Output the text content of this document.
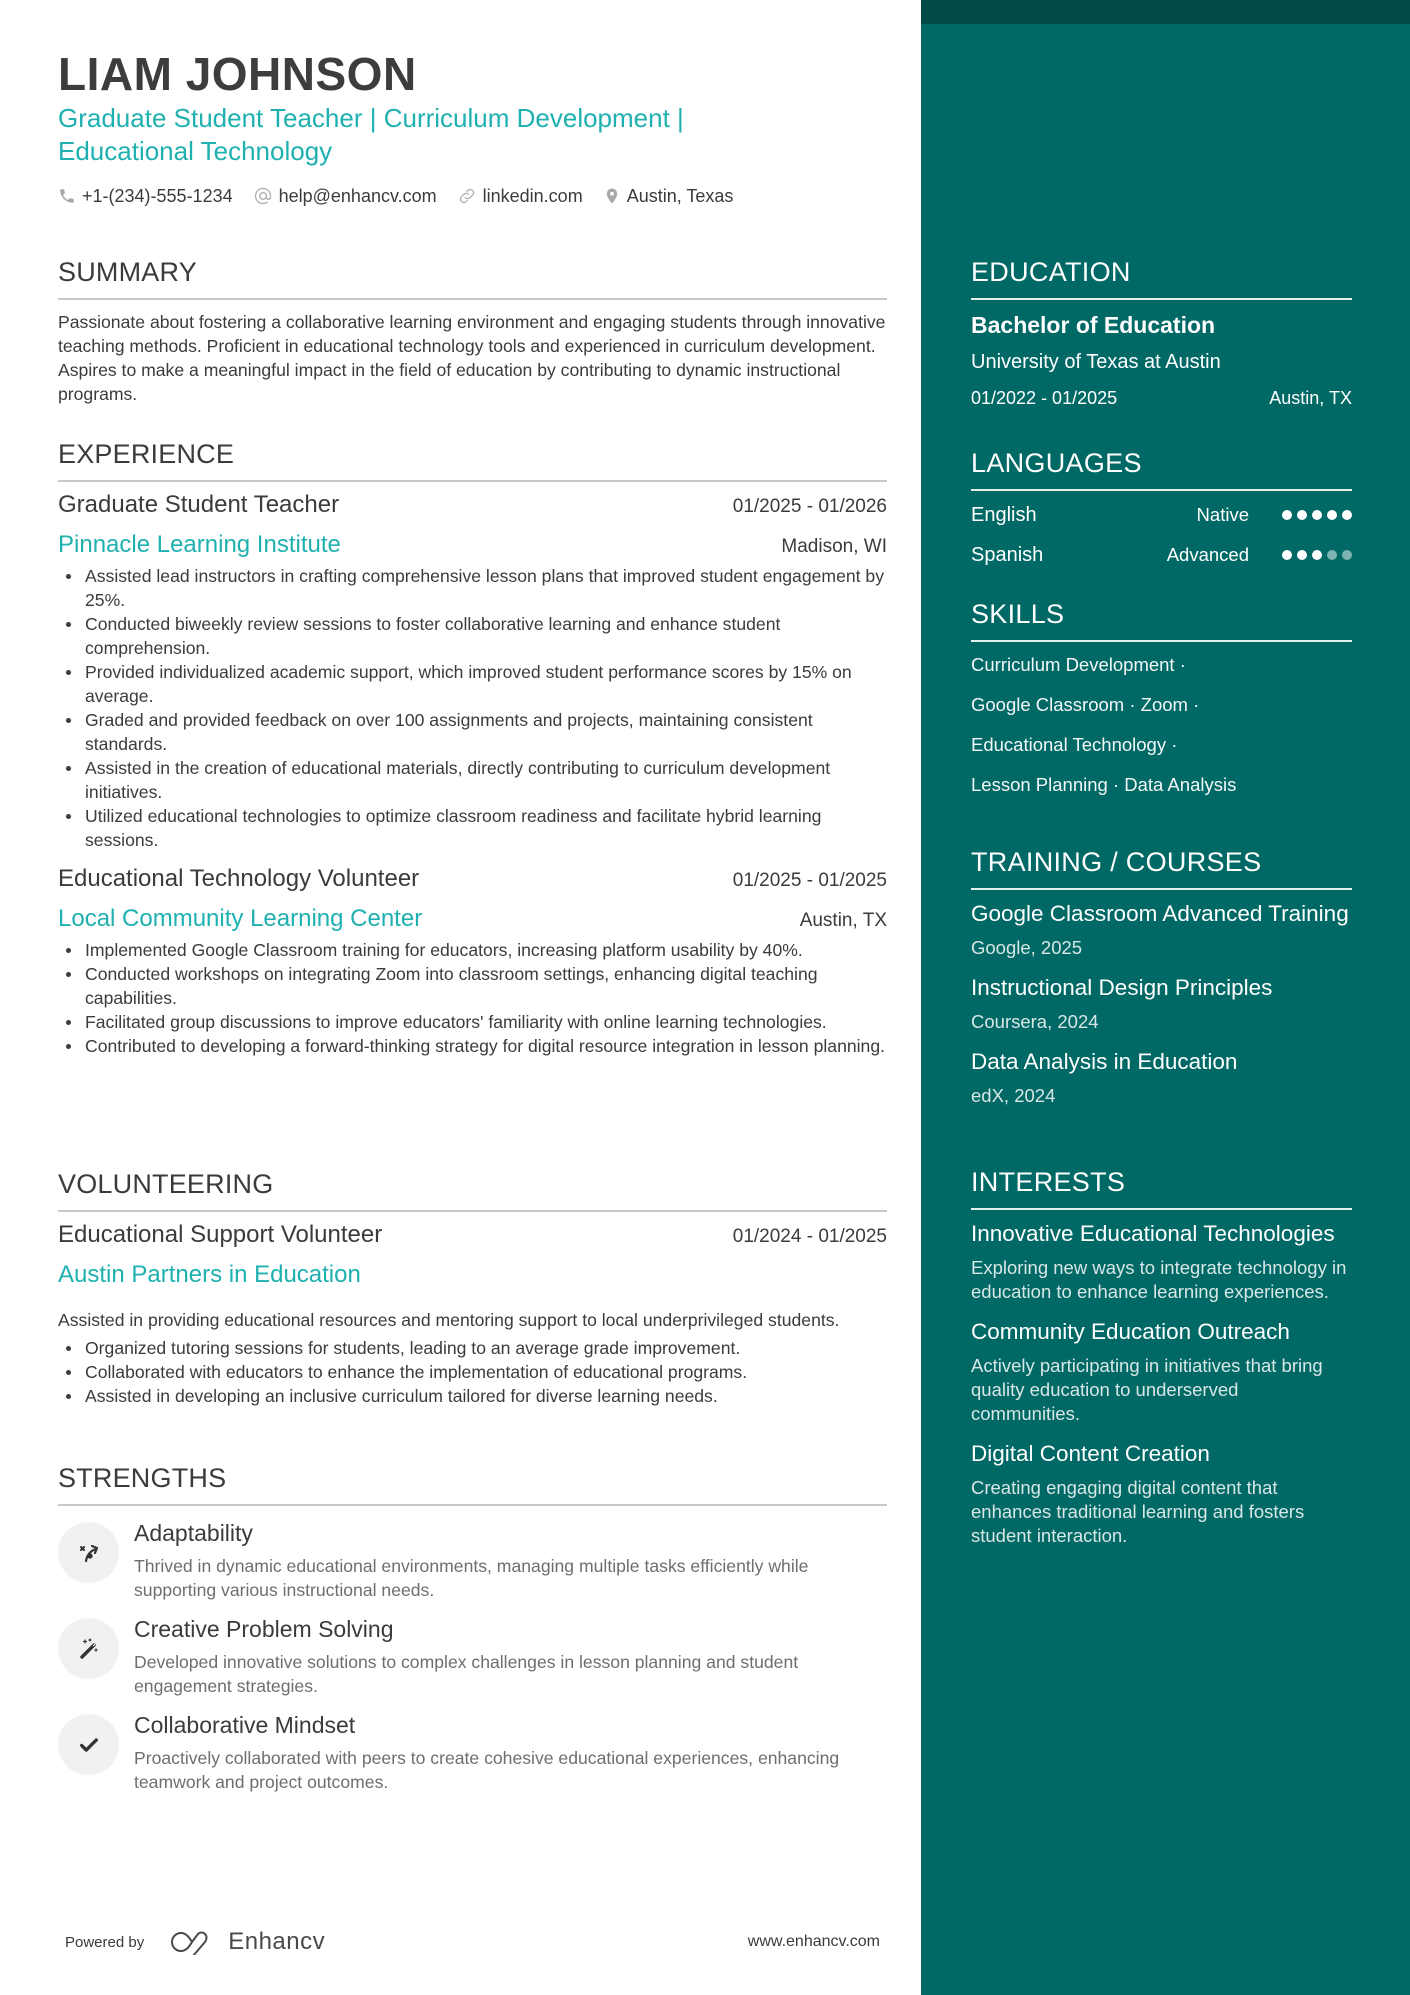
LIAM JOHNSON
Graduate Student Teacher | Curriculum Development | Educational Technology
+1-(234)-555-1234	help@enhancv.com	linkedin.com Austin, Texas
SUMMARY

Passionate about fostering a collaborative learning environment and engaging students through innovative teaching methods. Proficient in educational technology tools and experienced in curriculum development. Aspires to make a meaningful impact in the field of education by contributing to dynamic instructional programs.

EXPERIENCE
Graduate Student Teacher	01/2025 - 01/2026
Pinnacle Learning Institute	Madison, WI
Assisted lead instructors in crafting comprehensive lesson plans that improved student engagement by 25%.
Conducted biweekly review sessions to foster collaborative learning and enhance student comprehension.
Provided individualized academic support, which improved student performance scores by 15% on average.
Graded and provided feedback on over 100 assignments and projects, maintaining consistent standards.
Assisted in the creation of educational materials, directly contributing to curriculum development initiatives.
Utilized educational technologies to optimize classroom readiness and facilitate hybrid learning sessions.
Educational Technology Volunteer	01/2025 - 01/2025
Local Community Learning Center	Austin, TX
Implemented Google Classroom training for educators, increasing platform usability by 40%.
Conducted workshops on integrating Zoom into classroom settings, enhancing digital teaching capabilities.
Facilitated group discussions to improve educators' familiarity with online learning technologies.
Contributed to developing a forward-thinking strategy for digital resource integration in lesson planning.
VOLUNTEERING
Educational Support Volunteer	01/2024 - 01/2025
Austin Partners in Education
Assisted in providing educational resources and mentoring support to local underprivileged students.
Organized tutoring sessions for students, leading to an average grade improvement.
Collaborated with educators to enhance the implementation of educational programs.
Assisted in developing an inclusive curriculum tailored for diverse learning needs.
STRENGTHS
Adaptability
Thrived in dynamic educational environments, managing multiple tasks efficiently while supporting various instructional needs.
Creative Problem Solving
Developed innovative solutions to complex challenges in lesson planning and student engagement strategies.
Collaborative Mindset
Proactively collaborated with peers to create cohesive educational experiences, enhancing teamwork and project outcomes.
Powered by	Enhancv	www.enhancv.com
EDUCATION
Bachelor of Education
University of Texas at Austin
01/2022 - 01/2025	Austin, TX
LANGUAGES
English	Native
Spanish	Advanced
SKILLS
Curriculum Development ·
Google Classroom · Zoom ·
Educational Technology ·
Lesson Planning · Data Analysis
TRAINING / COURSES
Google Classroom Advanced Training
Google, 2025
Instructional Design Principles
Coursera, 2024
Data Analysis in Education
edX, 2024
INTERESTS
Innovative Educational Technologies
Exploring new ways to integrate technology in education to enhance learning experiences.
Community Education Outreach
Actively participating in initiatives that bring quality education to underserved communities.
Digital Content Creation
Creating engaging digital content that enhances traditional learning and fosters student interaction.
